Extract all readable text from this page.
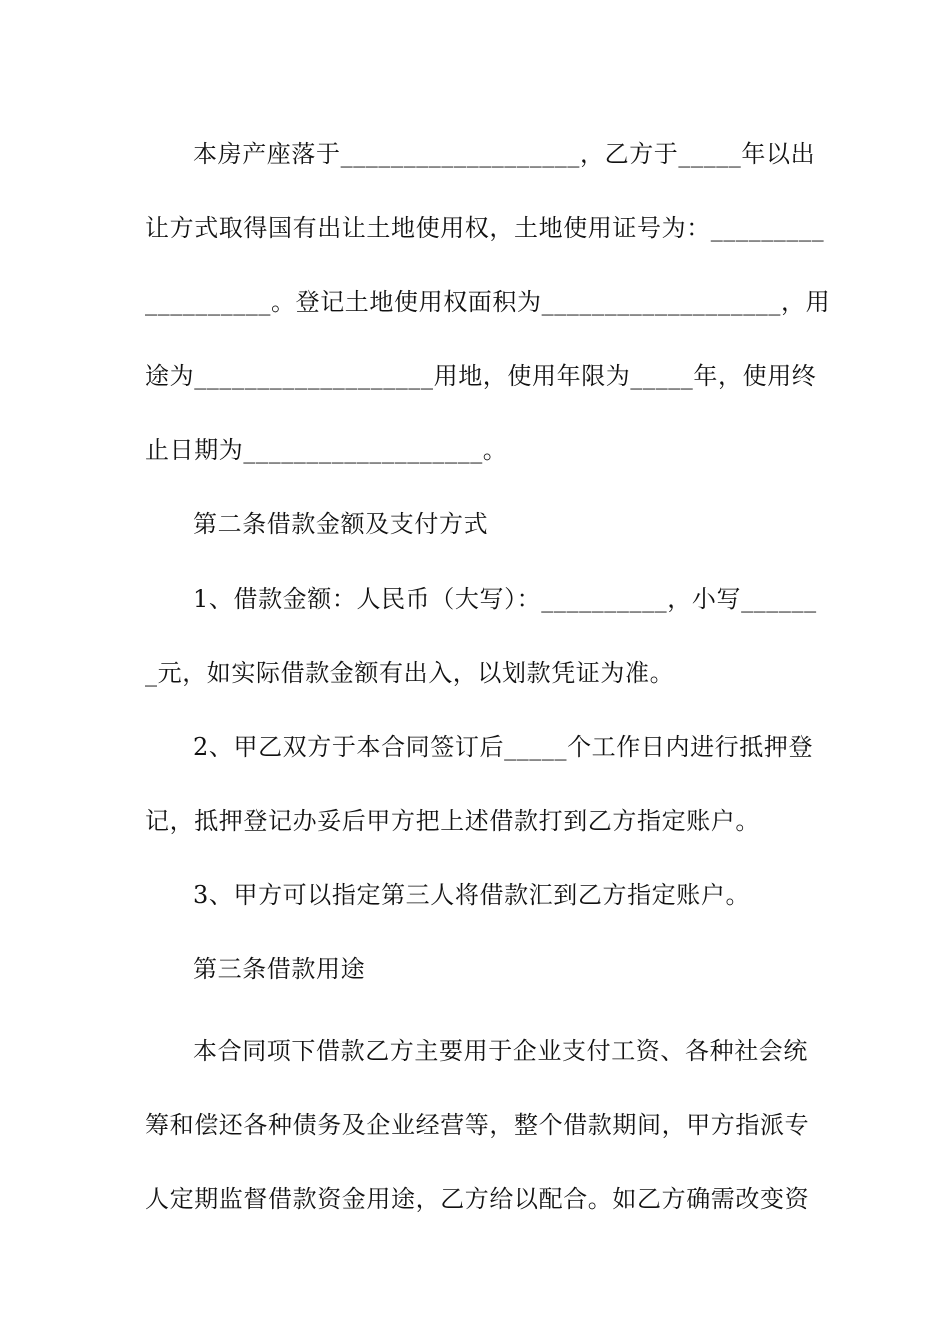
本房产座落于___________________，乙方于_____年以出
让方式取得国有出让土地使用权，土地使用证号为：_________
__________。登记土地使用权面积为___________________，用
途为___________________用地，使用年限为_____年，使用终
止日期为___________________。
第二条借款金额及支付方式
1、借款金额：人民币（大写）：__________，小写______
_元，如实际借款金额有出入，以划款凭证为准。
2、甲乙双方于本合同签订后_____个工作日内进行抵押登
记，抵押登记办妥后甲方把上述借款打到乙方指定账户。
3、甲方可以指定第三人将借款汇到乙方指定账户。
第三条借款用途
本合同项下借款乙方主要用于企业支付工资、各种社会统
筹和偿还各种债务及企业经营等，整个借款期间，甲方指派专
人定期监督借款资金用途，乙方给以配合。如乙方确需改变资
